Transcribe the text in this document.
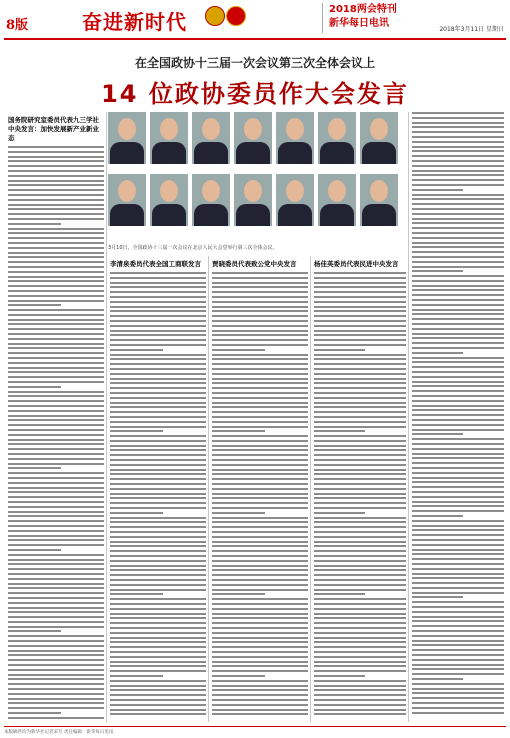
8版	奋进新时代
2018两会特刊
新华每日电讯
2018年3月11日 星期日
在全国政协十三届一次会议第三次全体会议上
14 位政协委员作大会发言
3月10日，全国政协十三届一次会议在北京人民大会堂举行第三次全体会议。
国务院研究室委员代表九三学社中央发言：加快发展新产业新业态
李清泉委员代表全国工商联发言	贾晓委员代表致公党中央发言	杨佳英委员代表民进中央发言
本版稿件均为新华社记者采写 责任编辑：新华每日电讯
